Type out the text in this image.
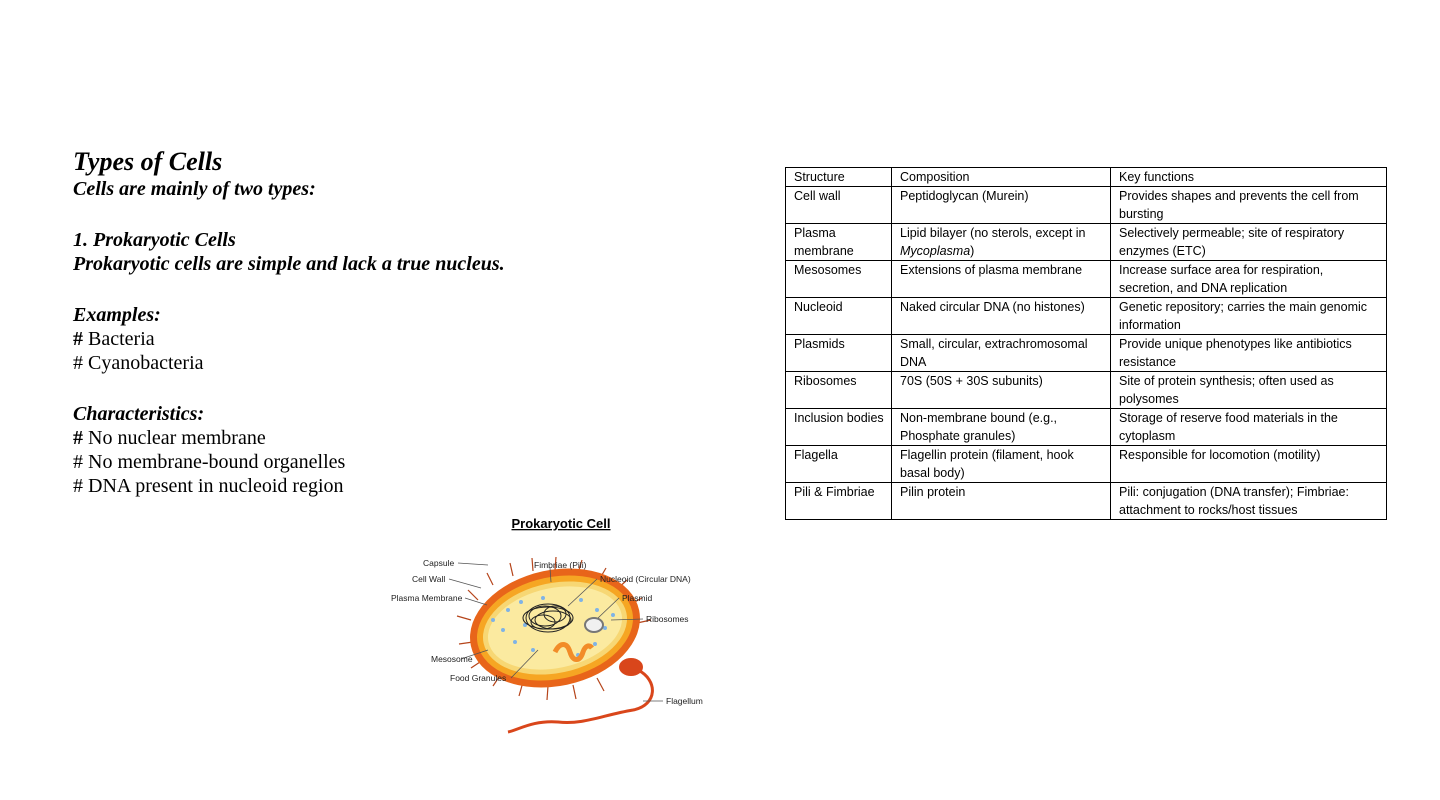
Types of Cells
Cells are mainly of two types:
1. Prokaryotic Cells
Prokaryotic cells are simple and lack a true nucleus.
Examples:
# Bacteria
# Cyanobacteria
Characteristics:
# No nuclear membrane
# No membrane-bound organelles
# DNA present in nucleoid region
Prokaryotic Cell
Capsule
Cell Wall
Plasma Membrane
Mesosome
Food Granules
Fimbriae (Pili)
Nucleoid (Circular DNA)
Plasmid
Ribosomes
Flagellum
Structure	Composition	Key functions
Cell wall	Peptidoglycan (Murein)	Provides shapes and prevents the cell from bursting
Plasma membrane	Lipid bilayer (no sterols, except in Mycoplasma)	Selectively permeable; site of respiratory enzymes (ETC)
Mesosomes	Extensions of plasma membrane	Increase surface area for respiration, secretion, and DNA replication
Nucleoid	Naked circular DNA (no histones)	Genetic repository; carries the main genomic information
Plasmids	Small, circular, extrachromosomal DNA	Provide unique phenotypes like antibiotics resistance
Ribosomes	70S (50S + 30S subunits)	Site of protein synthesis; often used as polysomes
Inclusion bodies	Non-membrane bound (e.g., Phosphate granules)	Storage of reserve food materials in the cytoplasm
Flagella	Flagellin protein (filament, hook basal body)	Responsible for locomotion (motility)
Pili & Fimbriae	Pilin protein	Pili: conjugation (DNA transfer); Fimbriae: attachment to rocks/host tissues
